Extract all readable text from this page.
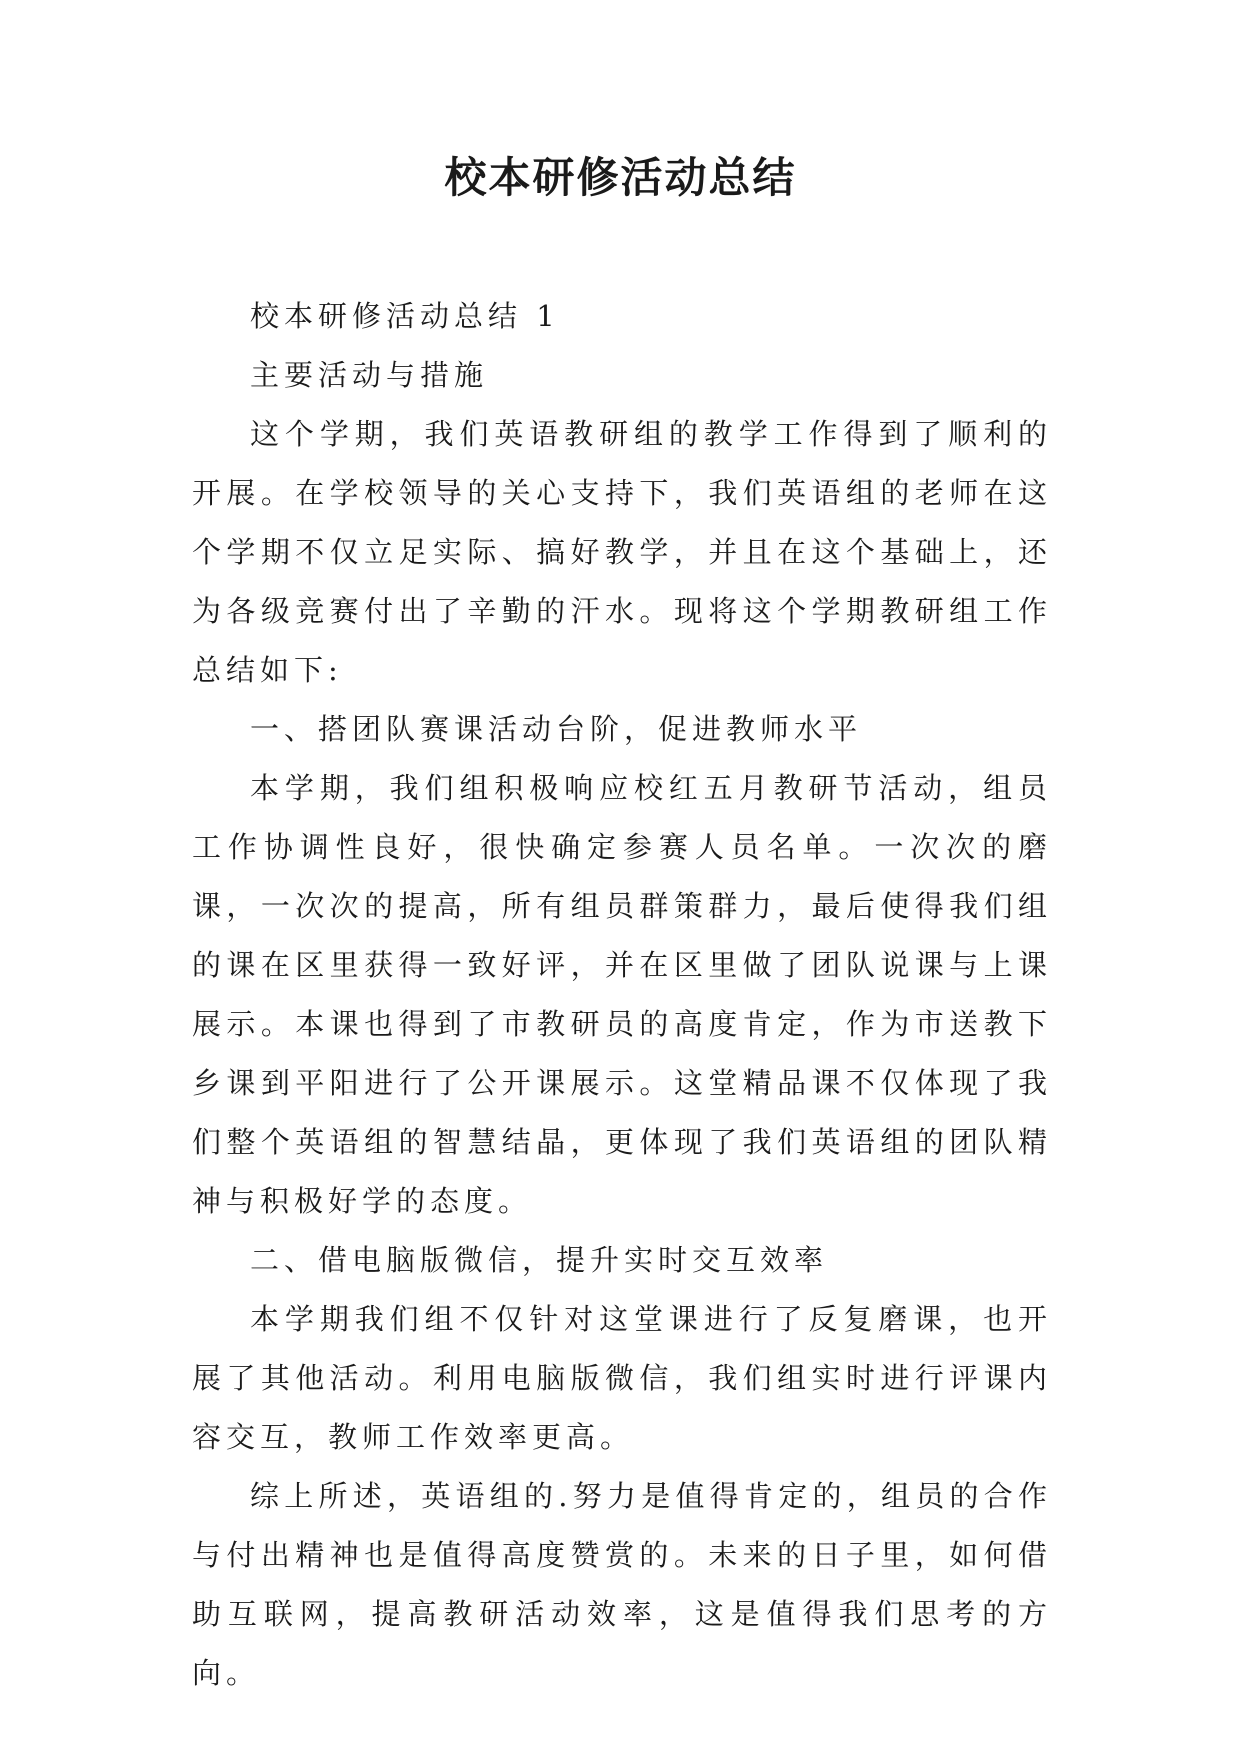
校本研修活动总结

校本研修活动总结 1

主要活动与措施

这个学期，我们英语教研组的教学工作得到了顺利的开展。在学校领导的关心支持下，我们英语组的老师在这个学期不仅立足实际、搞好教学，并且在这个基础上，还为各级竞赛付出了辛勤的汗水。现将这个学期教研组工作总结如下:

一、搭团队赛课活动台阶，促进教师水平

本学期，我们组积极响应校红五月教研节活动，组员工作协调性良好，很快确定参赛人员名单。一次次的磨课，一次次的提高，所有组员群策群力，最后使得我们组的课在区里获得一致好评，并在区里做了团队说课与上课展示。本课也得到了市教研员的高度肯定，作为市送教下乡课到平阳进行了公开课展示。这堂精品课不仅体现了我们整个英语组的智慧结晶，更体现了我们英语组的团队精神与积极好学的态度。

二、借电脑版微信，提升实时交互效率

本学期我们组不仅针对这堂课进行了反复磨课，也开展了其他活动。利用电脑版微信，我们组实时进行评课内容交互，教师工作效率更高。

综上所述，英语组的.努力是值得肯定的，组员的合作与付出精神也是值得高度赞赏的。未来的日子里，如何借助互联网，提高教研活动效率，这是值得我们思考的方向。
